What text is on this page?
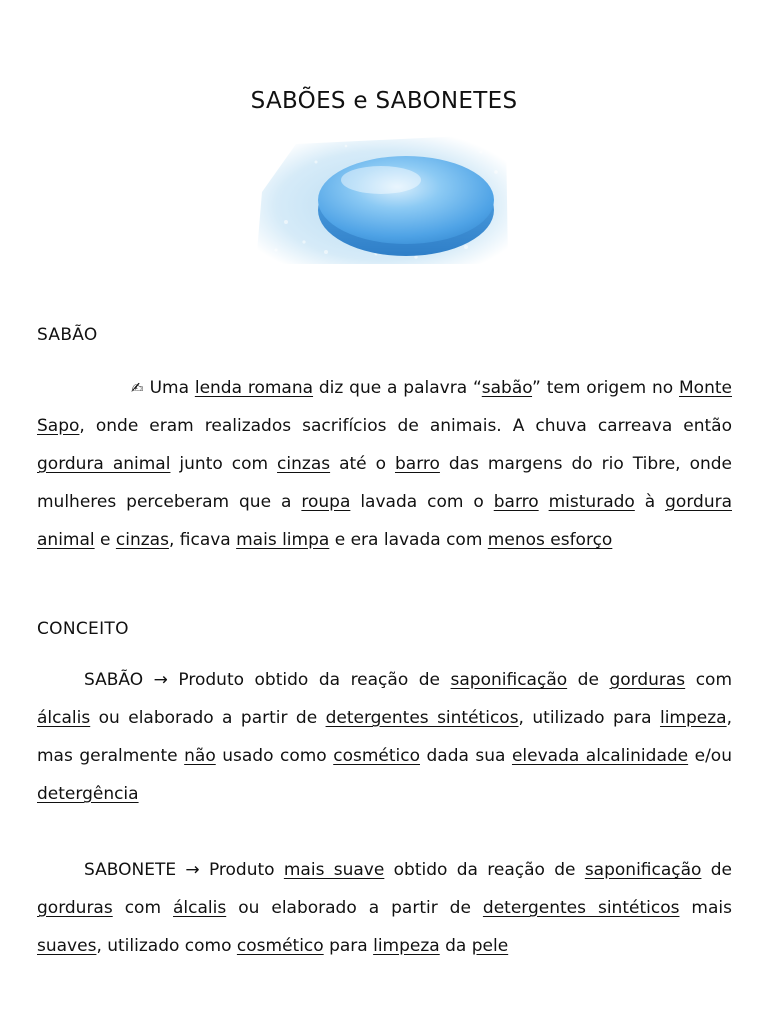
SABÕES e SABONETES
SABÃO

✍ Uma lenda romana diz que a palavra “sabão” tem origem no Monte Sapo, onde eram realizados sacrifícios de animais. A chuva carreava então gordura animal junto com cinzas até o barro das margens do rio Tibre, onde mulheres perceberam que a roupa lavada com o barro misturado à gordura animal e cinzas, ficava mais limpa e era lavada com menos esforço

CONCEITO

SABÃO → Produto obtido da reação de saponificação de gorduras com álcalis ou elaborado a partir de detergentes sintéticos, utilizado para limpeza, mas geralmente não usado como cosmético dada sua elevada alcalinidade e/ou detergência

SABONETE → Produto mais suave obtido da reação de saponificação de gorduras com álcalis ou elaborado a partir de detergentes sintéticos mais suaves, utilizado como cosmético para limpeza da pele
